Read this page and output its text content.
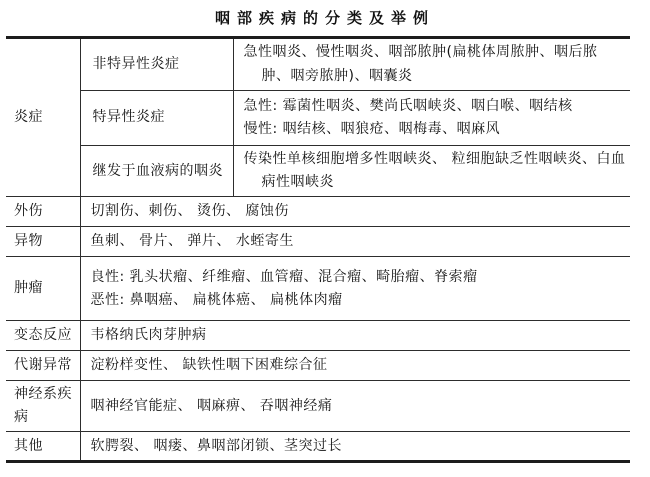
咽部疾病的分类及举例
炎症	非特异性炎症	急性咽炎、慢性咽炎、咽部脓肿(扁桃体周脓肿、咽后脓肿、咽旁脓肿)、咽囊炎

	特异性炎症	急性: 霉菌性咽炎、樊尚氏咽峡炎、咽白喉、咽结核
慢性: 咽结核、咽狼疮、咽梅毒、咽麻风

	继发于血液病的咽炎	传染性单核细胞增多性咽峡炎、 粒细胞缺乏性咽峡炎、白血病性咽峡炎

外伤	切割伤、刺伤、 烫伤、 腐蚀伤	

异物	鱼刺、 骨片、 弹片、 水蛭寄生	

肿瘤	良性: 乳头状瘤、纤维瘤、血管瘤、混合瘤、畸胎瘤、脊索瘤
恶性: 鼻咽癌、 扁桃体癌、 扁桃体肉瘤	

变态反应	韦格纳氏肉芽肿病	

代谢异常	淀粉样变性、 缺铁性咽下困难综合征	

神经系疾病	咽神经官能症、 咽麻痹、 吞咽神经痛	

其他	软腭裂、 咽瘘、鼻咽部闭锁、茎突过长	
